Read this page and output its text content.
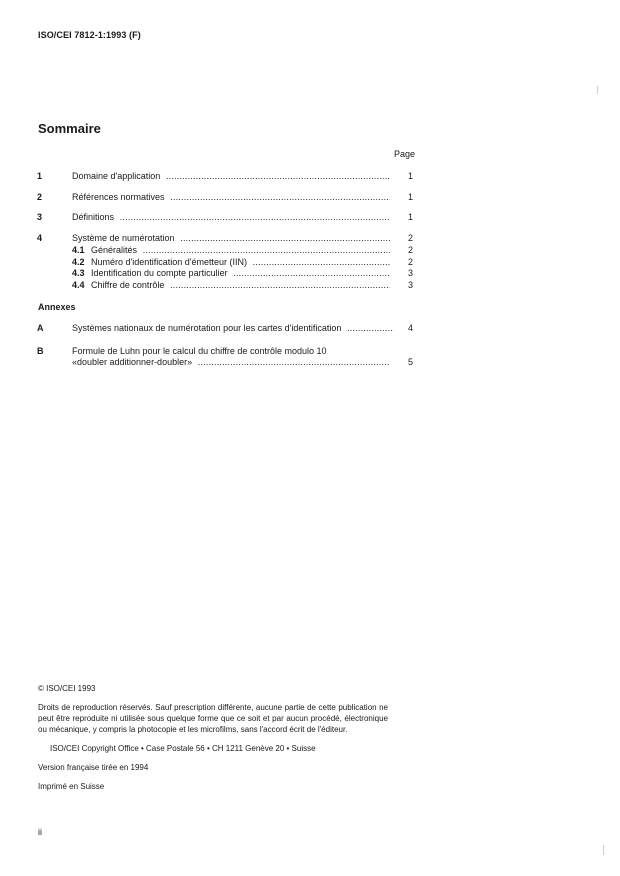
ISO/CEI 7812-1:1993 (F)
Sommaire
Page
1	Domaine d'application .....	1
2	Références normatives .....	1
3	Définitions .....	1
4	Système de numérotation .....	2
4.1 Généralités .....	2
4.2 Numéro d'identification d'émetteur (IIN) .....	2
4.3 Identification du compte particulier .....	3
4.4 Chiffre de contrôle .....	3
Annexes
A	Systèmes nationaux de numérotation pour les cartes d'identification .....	4
B	Formule de Luhn pour le calcul du chiffre de contrôle modulo 10
«doubler additionner-doubler» .....	5
© ISO/CEI 1993
Droits de reproduction réservés. Sauf prescription différente, aucune partie de cette publication ne peut être reproduite ni utilisée sous quelque forme que ce soit et par aucun procédé, électronique ou mécanique, y compris la photocopie et les microfilms, sans l'accord écrit de l'éditeur.
ISO/CEI Copyright Office • Case Postale 56 • CH 1211 Genève 20 • Suisse
Version française tirée en 1994
Imprimé en Suisse
ii
